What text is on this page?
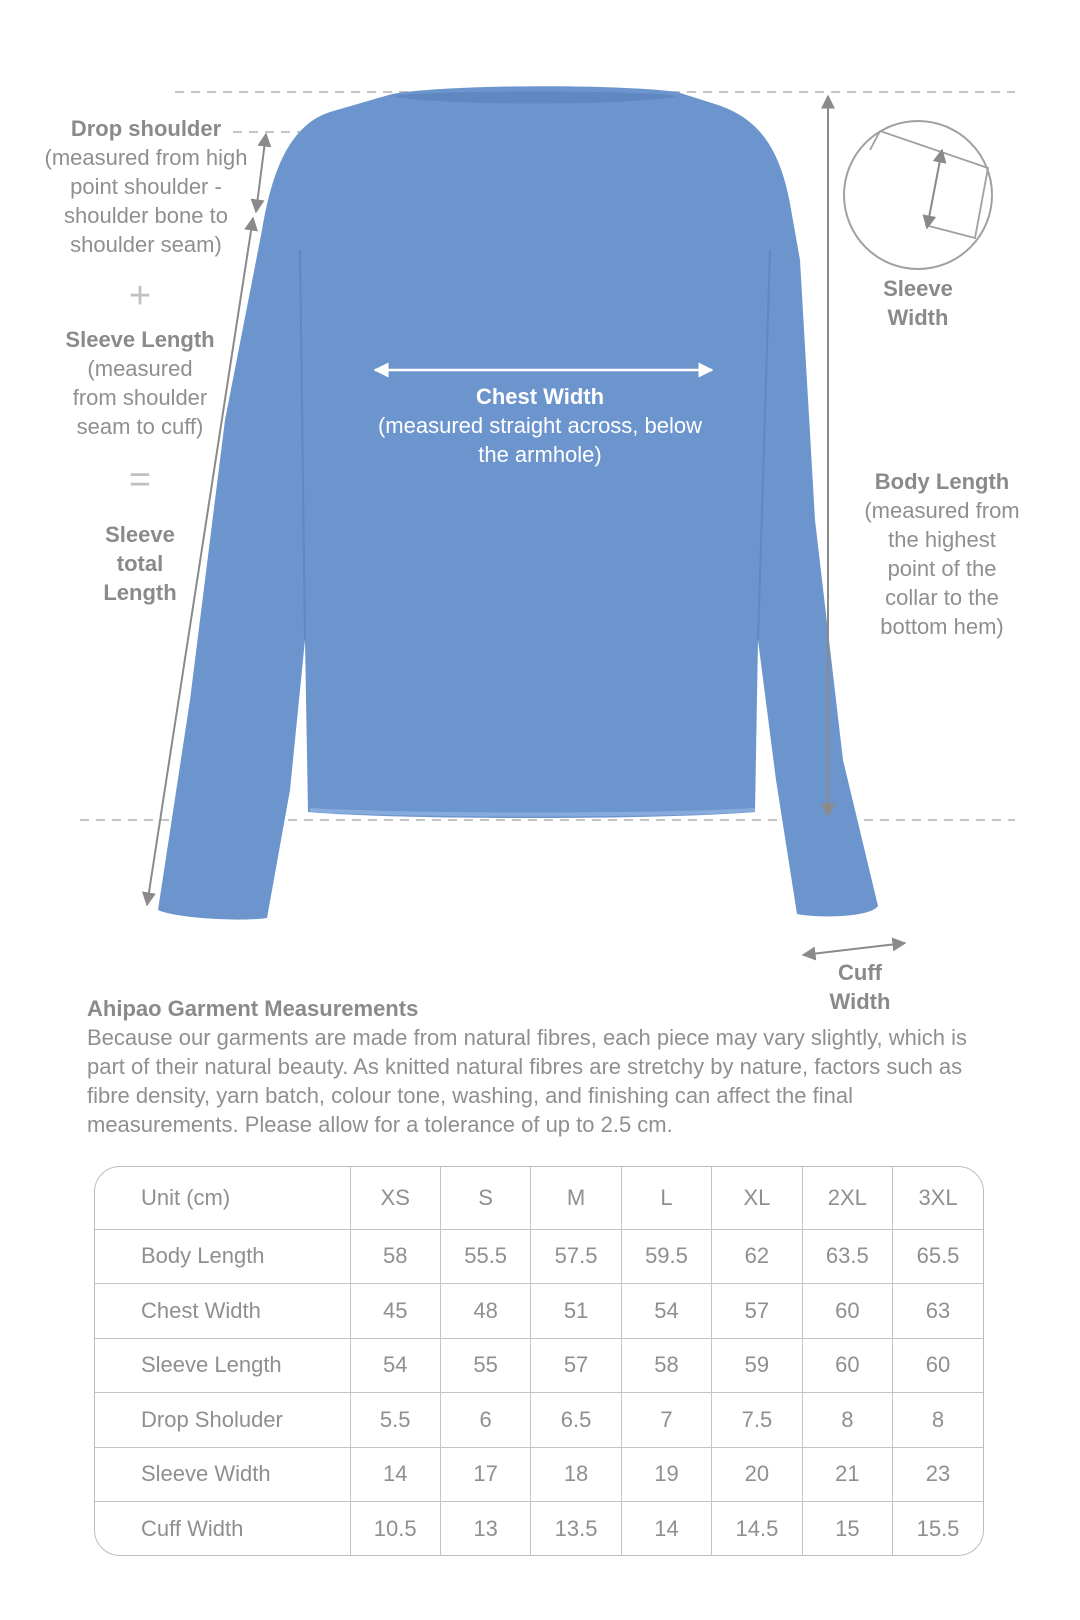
+
=
Drop shoulder
(measured from high
point shoulder -
shoulder bone to
shoulder seam)
Sleeve Length
(measured
from shoulder
seam to cuff)
Sleeve
total
Length
Chest Width
(measured straight across, below
the armhole)
Sleeve
Width
Body Length
(measured from
the highest
point of the
collar to the
bottom hem)
Cuff
Width
Ahipao Garment Measurements
Because our garments are made from natural fibres, each piece may vary slightly, which is part of their natural beauty. As knitted natural fibres are stretchy by nature, factors such as fibre density, yarn batch, colour tone, washing, and finishing can affect the final measurements. Please allow for a tolerance of up to 2.5 cm.
Unit (cm)	XS	S	M	L	XL	2XL	3XL
Body Length	58	55.5	57.5	59.5	62	63.5	65.5
Chest Width	45	48	51	54	57	60	63
Sleeve Length	54	55	57	58	59	60	60
Drop Sholuder	5.5	6	6.5	7	7.5	8	8
Sleeve Width	14	17	18	19	20	21	23
Cuff Width	10.5	13	13.5	14	14.5	15	15.5
